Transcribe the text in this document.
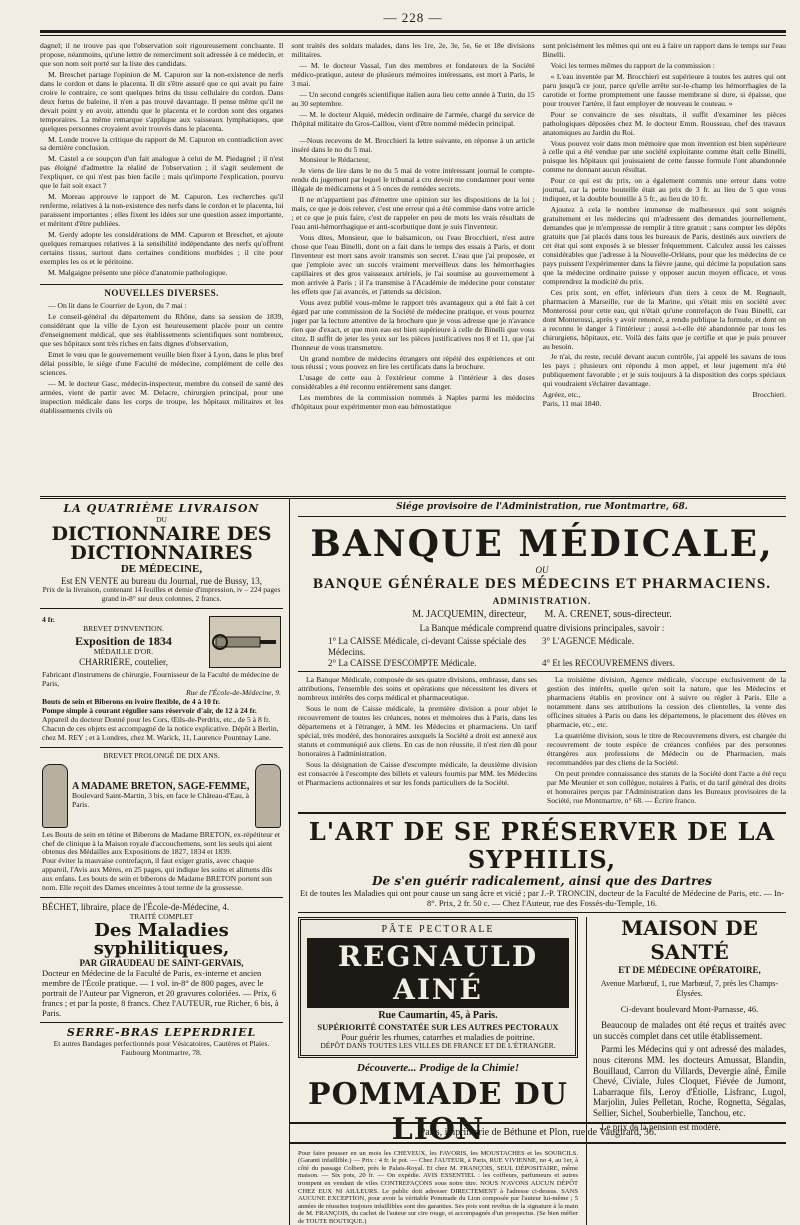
— 228 —

dagnel; il ne trouve pas que l'observation soit rigoureusement concluante. Il propose, néanmoins, qu'une lettre de remerciment soit adressée à ce médecin, et que son nom soit porté sur la liste des candidats.

M. Breschet partage l'opinion de M. Capuron sur la non-existence de nerfs dans le cordon et dans le placenta. Il dit s'être assuré que ce qui avait pu faire croire le contraire, ce sont quelques brins du tissu cellulaire du cordon. Dans deux fœtus de baleine, il n'en a pas trouvé davantage. Il pense même qu'il ne devait point y en avoir, attendu que le placenta et le cordon sont des organes temporaires. La même remarque s'applique aux vaisseaux lymphatiques, que quelques personnes croyaient avoir trouvés dans le placenta.

M. Londe trouve la critique du rapport de M. Capuron en contradiction avec sa dernière conclusion.

M. Castel a ce soupçon d'un fait analogue à celui de M. Piedagnel ; il n'est pas éloigné d'admettre la réalité de l'observation ; il s'agit seulement de l'expliquer, ce qui n'est pas bien facile ; mais qu'importe l'explication, pourvu que le fait soit exact ?

M. Moreau approuve le rapport de M. Capuron. Les recherches qu'il renferme, relatives à la non-existence des nerfs dans le cordon et le placenta, lui paraissent importantes ; elles fixent les idées sur une question assez importante, et méritent d'être publiées.

M. Gerdy adopte les considérations de MM. Capuron et Breschet, et ajoute quelques remarques relatives à la sensibilité indépendante des nerfs qu'offrent certains tissus, surtout dans certaines conditions morbides ; il cite pour exemples les os et le péritoine.

M. Malgaigne présente une pièce d'anatomie pathologique.

NOUVELLES DIVERSES.

— On lit dans le Courrier de Lyon, du 7 mai :

Le conseil-général du département du Rhône, dans sa session de 1839, considérant que la ville de Lyon est heureusement placée pour un centre d'enseignement médical, que ses établissements scientifiques sont nombreux, que ses hôpitaux sont très riches en faits dignes d'observation,

Emet le vœu que le gouvernement veuille bien fixer à Lyon, dans le plus bref délai possible, le siége d'une Faculté de médecine, complément de celle des sciences.

— M. le docteur Gasc, médecin-inspecteur, membre du conseil de santé des armées, vient de partir avec M. Delacre, chirurgien principal, pour une inspection médicale dans les corps de troupe, les hôpitaux militaires et les établissements civils où

sont traités des soldats malades, dans les 1re, 2e, 3e, 5e, 6e et 18e divisions militaires.

— M. le docteur Vassal, l'un des membres et fondateurs de la Société médico-pratique, auteur de plusieurs mémoires intéressans, est mort à Paris, le 3 mai.

— Un second congrès scientifique italien aura lieu cette année à Turin, du 15 au 30 septembre.

— M. le docteur Alquié, médecin ordinaire de l'armée, chargé du service de l'hôpital militaire du Gros-Caillou, vient d'être nommé médecin principal.

—Nous recevons de M. Brocchieri la lettre suivante, en réponse à un article inséré dans le no du 5 mai.

Monsieur le Rédacteur,

Je viens de lire dans le no du 5 mai de votre intéressant journal le compte-rendu du jugement par lequel le tribunal a cru devoir me condamner pour vente illégale de médicamens et à 5 onces de remèdes secrets.

Il ne m'appartient pas d'émettre une opinion sur les dispositions de la loi ; mais, ce que je dois relever, c'est une erreur qui a été commise dans votre article ; et ce que je puis faire, c'est de rappeler en peu de mots les vrais résultats de l'eau anti-hémorrhagique et anti-scorbutique dont je suis l'inventeur.

Vous dites, Monsieur, que le balsamicon, ou l'eau Brocchieri, n'est autre chose que l'eau Binelli, dont on a fait dans le temps des essais à Paris, et dont l'inventeur est mort sans avoir transmis son secret. L'eau que j'ai proposée, et que j'emploie avec un succès vraiment merveilleux dans les hémorrhagies capillaires et des gros vaisseaux artériels, je l'ai soumise au gouvernement à mon arrivée à Paris ; il l'a transmise à l'Académie de médecine pour constater les effets que j'ai avancés, et j'attends sa décision.

Vous avez publié vous-même le rapport très avantageux qui a été fait à cet égard par une commission de la Société de médecine pratique, et vous pourrez juger par la lecture attentive de la brochure que je vous adresse que je n'avance rien que d'exact, et que mon eau est bien supérieure à celle de Binelli que vous citez. Il suffit de jeter les yeux sur les pièces justificatives nos 8 et 11, que j'ai l'honneur de vous transmettre.

Un grand nombre de médecins étrangers ont répété des expériences et ont tous réussi ; vous pouvez en lire les certificats dans la brochure.

L'usage de cette eau à l'extérieur comme à l'intérieur à des doses considérables a été reconnu entièrement sans danger.

Les membres de la commission nommés à Naples parmi les médecins d'hôpitaux pour expérimenter mon eau hémostatique

sont précisément les mêmes qui ont eu à faire un rapport dans le temps sur l'eau Binelli.

Voici les termes mêmes du rapport de la commission :

« L'eau inventée par M. Brocchieri est supérieure à toutes les autres qui ont paru jusqu'à ce jour, parce qu'elle arrête sur-le-champ les hémorrhagies de la carotide et forme promptement une fausse membrane si dure, si épaisse, que pour trouver l'artère, il faut employer de nouveau le couteau. »

Pour se convaincre de ses résultats, il suffit d'examiner les pièces pathologiques déposées chez M. le docteur Emm. Rousseau, chef des travaux anatomiques au Jardin du Roi.

Vous pouvez voir dans mon mémoire que mon invention est bien supérieure à celle qui a été vendue par une société exploitante comme était celle Binelli, puisque les hôpitaux qui jouissaient de cette fausse formule l'ont abandonnée comme ne donnant aucun résultat.

Pour ce qui est du prix, on a également commis une erreur dans votre journal, car la petite bouteille était au prix de 3 fr. au lieu de 5 que vous indiquez, et la double bouteille à 5 fr., au lieu de 10 fr.

Ajoutez à cela le nombre immense de malheureux qui sont soignés gratuitement et les médecins qui m'adressent des demandes journellement, demandes que je m'empresse de remplir à titre gratuit ; sans compter les dépôts gratuits que j'ai placés dans tous les bureaux de Paris, destinés aux ouvriers de cet état qui sont exposés à se blesser fréquemment. Calculez aussi les caisses considérables que j'adresse à la Nouvelle-Orléans, pour que les médecins de ce pays puissent l'expérimenter dans la fièvre jaune, qui décime la population sans que la médecine ordinaire puisse y opposer aucun moyen efficace, et vous comprendrez la modicité du prix.

Ces prix sont, en effet, inférieurs d'un tiers à ceux de M. Regnault, pharmacien à Marseille, rue de la Marine, qui s'était mis en société avec Monterossi pour cette eau, qui n'était qu'une contrefaçon de l'eau Binelli, car dont Monterossi, après y avoir renoncé, a rendu publique la formule, et dont on a reconnu le danger à l'intérieur ; aussi a-t-elle été abandonnée par tous les chirurgiens, hôpitaux, etc. Voilà des faits que je certifie et que je puis prouver au besoin.

Je n'ai, du reste, reculé devant aucun contrôle, j'ai appelé les savans de tous les pays ; plusieurs ont répondu à mon appel, et leur jugement m'a été publiquement favorable ; et je suis toujours à la disposition des corps spéciaux qui voudraient s'éclairer davantage.

Agréez, etc.,	Brocchieri.
Paris, 11 mai 1840.
LA QUATRIÈME LIVRAISON
DU
DICTIONNAIRE DES DICTIONNAIRES
DE MÉDECINE,
Est EN VENTE au bureau du Journal, rue de Bussy, 13,
Prix de la livraison, contenant 14 feuilles et demie d'impression, iv – 224 pages grand in-8° sur deux colonnes, 2 francs.
4 fr.
BREVET D'INVENTION.
Exposition de 1834
MÉDAILLE D'OR.
CHARRIÈRE, coutelier,
Fabricant d'instrumens de chirurgie, Fournisseur de la Faculté de médecine de Paris,
Rue de l'École-de-Médecine, 9.
Bouts de sein et Biberons en ivoire flexible, de 4 à 10 fr.
Pompe simple à courant régulier sans réservoir d'air, de 12 à 24 fr.
Appareil du docteur Donné pour les Cors, Œils-de-Perdrix, etc., de 5 à 8 fr.
Chacun de ces objets est accompagné de la notice explicative. Dépôt à Berlin, chez M. REY ; et à Londres, chez M. Warick, 11, Laurence Pountnay Lane.
BREVET PROLONGÉ DE DIX ANS.
A MADAME BRETON, SAGE-FEMME,
Boulevard Saint-Martin, 3 bis, en face le Château-d'Eau, à Paris.
Les Bouts de sein en tétine et Biberons de Madame BRETON, ex-répétiteur et chef de clinique à la Maison royale d'accouchemens, sont les seuls qui aient obtenus des Médailles aux Expositions de 1827, 1834 et 1839.
Pour éviter la mauvaise contrefaçon, il faut exiger gratis, avec chaque appareil, l'Avis aux Mères, en 25 pages, qui indique les soins et alimens dûs aux enfans. Les bouts de sein et biberons de Madame BRETON portent son nom. Elle reçoit des Dames enceintes à tout terme de la grossesse.
BÉCHET, libraire, place de l'École-de-Médecine, 4.
TRAITÉ COMPLET
Des Maladies syphilitiques,
PAR GIRAUDEAU DE SAINT-GERVAIS,
Docteur en Médecine de la Faculté de Paris, ex-interne et ancien membre de l'École pratique. — 1 vol. in-8° de 800 pages, avec le portrait de l'Auteur par Vigneron, et 20 gravures coloriées. — Prix, 6 francs ; et par la poste, 8 francs. Chez l'AUTEUR, rue Richer, 6 bis, à Paris.
SERRE-BRAS LEPERDRIEL
Et autres Bandages perfectionnés pour Vésicatoires, Cautères et Plaies.
Faubourg Montmartre, 78.
Siége provisoire de l'Administration, rue Montmartre, 68.
BANQUE MÉDICALE,
OU
BANQUE GÉNÉRALE DES MÉDECINS ET PHARMACIENS.
ADMINISTRATION.
M. JACQUEMIN, directeur, M. A. CRENET, sous-directeur.
La Banque médicale comprend quatre divisions principales, savoir :
1° La CAISSE Médicale, ci-devant Caisse spéciale des Médecins.
3° L'AGENCE Médicale.
2° La CAISSE D'ESCOMPTE Médicale.	4° Et les RECOUVREMENS divers.

La Banque Médicale, composée de ses quatre divisions, embrasse, dans ses attributions, l'ensemble des soins et opérations que nécessitent les divers et nombreux intérêts des corps médical et pharmaceutique.

Sous le nom de Caisse médicale, la première division a pour objet le recouvrement de toutes les créances, notes et mémoires dus à Paris, dans les départemens et à l'étranger, à MM. les Médecins et pharmaciens. Un tarif spécial, très modéré, des honoraires auxquels la Société a droit est annexé aux statuts et communiqué aux cliens. En cas de non réussite, il n'est rien dû pour honoraires à l'administration.

Sous la désignation de Caisse d'escompte médicale, la deuxième division est consacrée à l'escompte des billets et valeurs fournis par MM. les Médecins et Pharmaciens actionnaires et sur les fonds particuliers de la Société.

La troisième division, Agence médicale, s'occupe exclusivement de la gestion des intérêts, quelle qu'en soit la nature, que les Médecins et pharmaciens établis en province ont à suivre ou régler à Paris. Elle a notamment dans ses attributions la cession des clientelles, la vente des officines situées à Paris ou dans les départemens, le placement des élèves en pharmacie, etc., etc.

La quatrième division, sous le titre de Recouvremens divers, est chargée du recouvrement de toute espèce de créances confiées par des personnes étrangères aux professions de Médecin ou de Pharmacien, mais recommandées par des cliens de la Société.

On peut prendre connaissance des statuts de la Société dont l'acte a été reçu par Me Meunier et son collègue, notaires à Paris, et du tarif général des droits et honoraires perçus par l'Administration dans les Bureaux provisoires de la Société, rue Montmartre, n° 68. — Écrire franco.

L'ART DE SE PRÉSERVER DE LA SYPHILIS,
De s'en guérir radicalement, ainsi que des Dartres
Et de toutes les Maladies qui ont pour cause un sang âcre et vicié ; par J.-P. TRONCIN, docteur de la Faculté de Médecine de Paris, etc. — In-8°. Prix, 2 fr. 50 c. — Chez l'Auteur, rue des Fossés-du-Temple, 16.
PÂTE PECTORALE
REGNAULD AINÉ
Rue Caumartin, 45, à Paris.
SUPÉRIORITÉ CONSTATÉE SUR LES AUTRES PECTORAUX
Pour guérir les rhumes, catarrhes et maladies de poitrine.
DÉPÔT DANS TOUTES LES VILLES DE FRANCE ET DE L'ÉTRANGER.
Découverte... Prodige de la Chimie!
POMMADE DU LION
Pour faire pousser en un mois les CHEVEUX, les FAVORIS, les MOUSTACHES et les SOURCILS. (Garanti infaillible.) — Prix : 4 fr. le pot. — Chez l'AUTEUR, à Paris, RUE VIVIENNE, no 4, au 1er, à côté du passage Colbert, près le Palais-Royal. Et chez M. FRANÇOIS, SEUL DÉPOSITAIRE, même maison. — Six pots, 20 fr. — On expédie. AVIS ESSENTIEL : les coiffeurs, parfumeurs et autres trompent en vendant de viles CONTREFAÇONS sous notre titre. NOUS N'AVONS AUCUN DÉPÔT CHEZ EUX NI AILLEURS. Le public doit adresser DIRECTEMENT à l'adresse ci-dessus. SANS AUCUNE EXCEPTION, pour avoir la véritable Pommade du Lion composée par l'auteur lui-même ; 5 années de réussites toujours infaillibles sont des garanties. Ses pots sont revêtus de la signature à la main de M. FRANÇOIS, du cachet de l'auteur sur cire rouge, et accompagnés d'un prospectus. (Se bien méfier de TOUTE BOUTIQUE.)
MAISON DE SANTÉ
ET DE MÉDECINE OPÉRATOIRE,
Avenue Marbœuf, 1, rue Marbœuf, 7, près les Champs-Élysées.
Ci-devant boulevard Mont-Parnasse, 46.

Beaucoup de malades ont été reçus et traités avec un succès complet dans cet utile établissement.

Parmi les Médecins qui y ont adressé des malades, nous citerons MM. les docteurs Amussat, Blandin, Bouillaud, Carron du Villards, Devergie aîné, Émile Chevé, Civiale, Jules Cloquet, Fiévée de Jumont, Labarraque fils, Leroy d'Étiolle, Lisfranc, Lugol, Marjolin, Jules Pelletan, Roche, Rognetta, Ségalas, Sellier, Sichel, Souberbielle, Tanchou, etc.

Le prix de la pension est modéré.

Paris, imprimerie de Béthune et Plon, rue de Vaugirard, 36.
